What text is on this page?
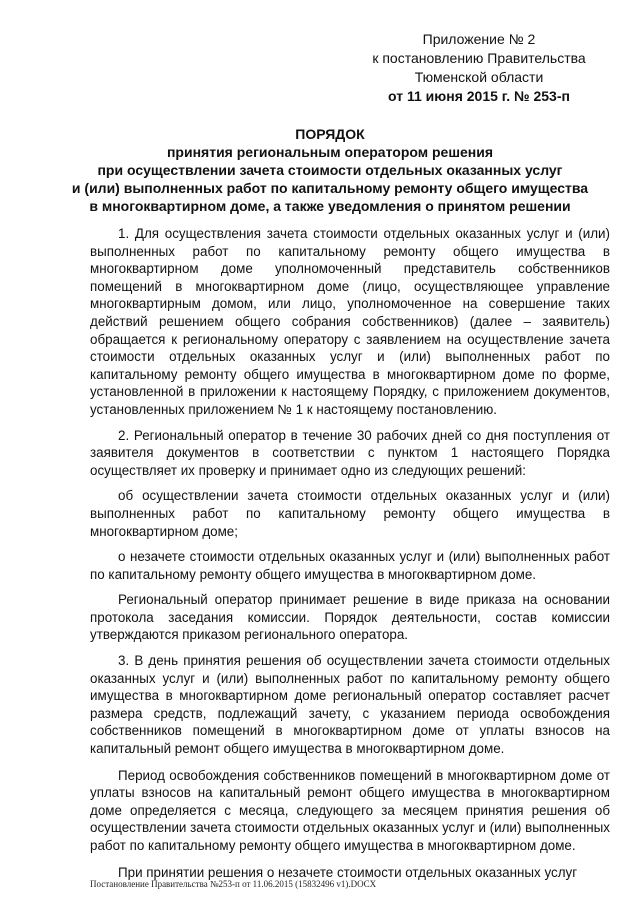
Приложение № 2
к постановлению Правительства
Тюменской области
от 11 июня 2015 г. № 253-п
ПОРЯДОК
принятия региональным оператором решения
при осуществлении зачета стоимости отдельных оказанных услуг
и (или) выполненных работ по капитальному ремонту общего имущества
в многоквартирном доме, а также уведомления о принятом решении

1. Для осуществления зачета стоимости отдельных оказанных услуг и (или) выполненных работ по капитальному ремонту общего имущества в многоквартирном доме уполномоченный представитель собственников помещений в многоквартирном доме (лицо, осуществляющее управление многоквартирным домом, или лицо, уполномоченное на совершение таких действий решением общего собрания собственников) (далее – заявитель) обращается к региональному оператору с заявлением на осуществление зачета стоимости отдельных оказанных услуг и (или) выполненных работ по капитальному ремонту общего имущества в многоквартирном доме по форме, установленной в приложении к настоящему Порядку, с приложением документов, установленных приложением № 1 к настоящему постановлению.

2. Региональный оператор в течение 30 рабочих дней со дня поступления от заявителя документов в соответствии с пунктом 1 настоящего Порядка осуществляет их проверку и принимает одно из следующих решений:

об осуществлении зачета стоимости отдельных оказанных услуг и (или) выполненных работ по капитальному ремонту общего имущества в многоквартирном доме;

о незачете стоимости отдельных оказанных услуг и (или) выполненных работ по капитальному ремонту общего имущества в многоквартирном доме.

Региональный оператор принимает решение в виде приказа на основании протокола заседания комиссии. Порядок деятельности, состав комиссии утверждаются приказом регионального оператора.

3. В день принятия решения об осуществлении зачета стоимости отдельных оказанных услуг и (или) выполненных работ по капитальному ремонту общего имущества в многоквартирном доме региональный оператор составляет расчет размера средств, подлежащий зачету, с указанием периода освобождения собственников помещений в многоквартирном доме от уплаты взносов на капитальный ремонт общего имущества в многоквартирном доме.

Период освобождения собственников помещений в многоквартирном доме от уплаты взносов на капитальный ремонт общего имущества в многоквартирном доме определяется с месяца, следующего за месяцем принятия решения об осуществлении зачета стоимости отдельных оказанных услуг и (или) выполненных работ по капитальному ремонту общего имущества в многоквартирном доме.

При принятии решения о незачете стоимости отдельных оказанных услуг

Постановление Правительства №253-п от 11.06.2015 (15832496 v1).DOCX
